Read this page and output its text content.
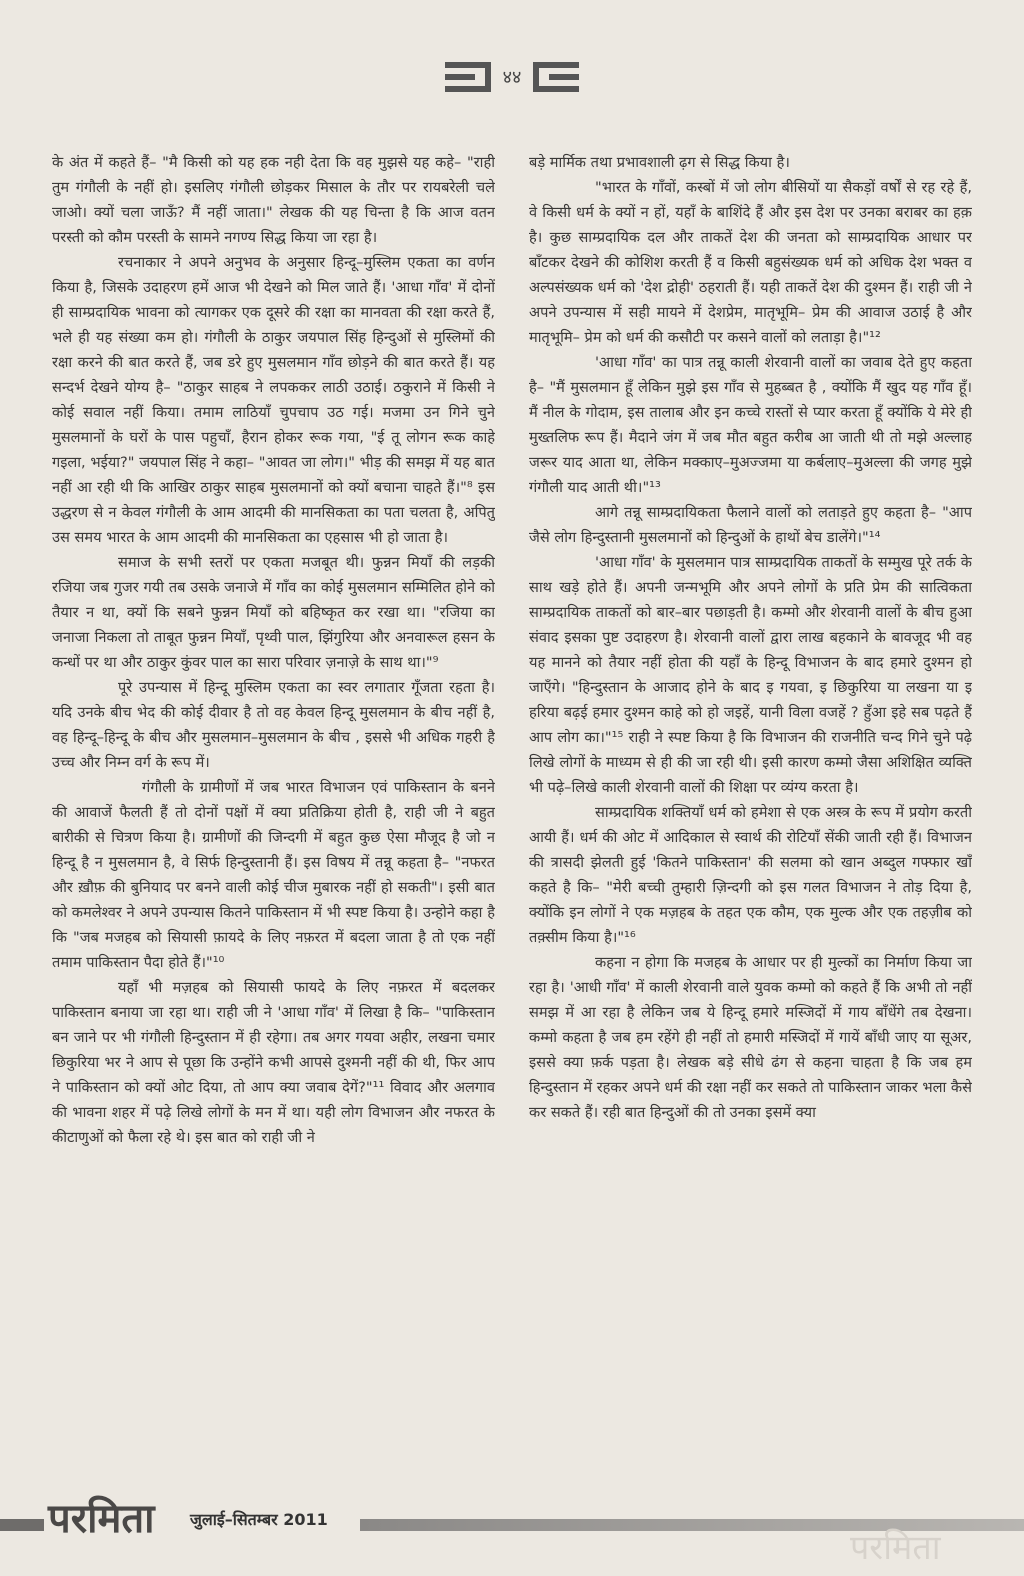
४४

के अंत में कहते हैं– "मै किसी को यह हक नही देता कि वह मुझसे यह कहे– "राही तुम गंगौली के नहीं हो। इसलिए गंगौली छोड़कर मिसाल के तौर पर रायबरेली चले जाओ। क्यों चला जाऊँ? मैं नहीं जाता।" लेखक की यह चिन्ता है कि आज वतन परस्ती को कौम परस्ती के सामने नगण्य सिद्ध किया जा रहा है।

रचनाकार ने अपने अनुभव के अनुसार हिन्दू–मुस्लिम एकता का वर्णन किया है, जिसके उदाहरण हमें आज भी देखने को मिल जाते हैं। 'आधा गाँव' में दोनों ही साम्प्रदायिक भावना को त्यागकर एक दूसरे की रक्षा का मानवता की रक्षा करते हैं, भले ही यह संख्या कम हो। गंगौली के ठाकुर जयपाल सिंह हिन्दुओं से मुस्लिमों की रक्षा करने की बात करते हैं, जब डरे हुए मुसलमान गाँव छोड़ने की बात करते हैं। यह सन्दर्भ देखने योग्य है– "ठाकुर साहब ने लपककर लाठी उठाई। ठकुराने में किसी ने कोई सवाल नहीं किया। तमाम लाठियाँ चुपचाप उठ गई। मजमा उन गिने चुने मुसलमानों के घरों के पास पहुचाँ, हैरान होकर रूक गया, "ई तू लोगन रूक काहे गइला, भईया?" जयपाल सिंह ने कहा– "आवत जा लोग।" भीड़ की समझ में यह बात नहीं आ रही थी कि आखिर ठाकुर साहब मुसलमानों को क्यों बचाना चाहते हैं।"⁸ इस उद्धरण से न केवल गंगौली के आम आदमी की मानसिकता का पता चलता है, अपितु उस समय भारत के आम आदमी की मानसिकता का एहसास भी हो जाता है।

समाज के सभी स्तरों पर एकता मजबूत थी। फुन्नन मियाँ की लड़की रजिया जब गुजर गयी तब उसके जनाजे में गाँव का कोई मुसलमान सम्मिलित होने को तैयार न था, क्यों कि सबने फुन्नन मियाँ को बहिष्कृत कर रखा था। "रजिया का जनाजा निकला तो ताबूत फुन्नन मियाँ, पृथ्वी पाल, झिंगुरिया और अनवारूल हसन के कन्धों पर था और ठाकुर कुंवर पाल का सारा परिवार ज़नाज़े के साथ था।"⁹

पूरे उपन्यास में हिन्दू मुस्लिम एकता का स्वर लगातार गूँजता रहता है। यदि उनके बीच भेद की कोई दीवार है तो वह केवल हिन्दू मुसलमान के बीच नहीं है, वह हिन्दू–हिन्दू के बीच और मुसलमान–मुसलमान के बीच , इससे भी अधिक गहरी है उच्च और निम्न वर्ग के रूप में।

गंगौली के ग्रामीणों में जब भारत विभाजन एवं पाकिस्तान के बनने की आवाजें फैलती हैं तो दोनों पक्षों में क्या प्रतिक्रिया होती है, राही जी ने बहुत बारीकी से चित्रण किया है। ग्रामीणों की जिन्दगी में बहुत कुछ ऐसा मौजूद है जो न हिन्दू है न मुसलमान है, वे सिर्फ हिन्दुस्तानी हैं। इस विषय में तन्नू कहता है– "नफरत और ख़ौफ़ की बुनियाद पर बनने वाली कोई चीज मुबारक नहीं हो सकती"। इसी बात को कमलेश्वर ने अपने उपन्यास कितने पाकिस्तान में भी स्पष्ट किया है। उन्होने कहा है कि "जब मजहब को सियासी फ़ायदे के लिए नफ़रत में बदला जाता है तो एक नहीं तमाम पाकिस्तान पैदा होते हैं।"¹⁰

यहाँ भी मज़हब को सियासी फायदे के लिए नफ़रत में बदलकर पाकिस्तान बनाया जा रहा था। राही जी ने 'आधा गाँव' में लिखा है कि– "पाकिस्तान बन जाने पर भी गंगौली हिन्दुस्तान में ही रहेगा। तब अगर गयवा अहीर, लखना चमार छिकुरिया भर ने आप से पूछा कि उन्होंने कभी आपसे दुश्मनी नहीं की थी, फिर आप ने पाकिस्तान को क्यों ओट दिया, तो आप क्या जवाब देगें?"¹¹ विवाद और अलगाव की भावना शहर में पढ़े लिखे लोगों के मन में था। यही लोग विभाजन और नफरत के कीटाणुओं को फैला रहे थे। इस बात को राही जी ने

बड़े मार्मिक तथा प्रभावशाली ढ़ग से सिद्ध किया है।

"भारत के गाँवों, कस्बों में जो लोग बीसियों या सैकड़ों वर्षों से रह रहे हैं, वे किसी धर्म के क्यों न हों, यहाँ के बाशिंदे हैं और इस देश पर उनका बराबर का हक़ है। कुछ साम्प्रदायिक दल और ताकतें देश की जनता को साम्प्रदायिक आधार पर बाँटकर देखने की कोशिश करती हैं व किसी बहुसंख्यक धर्म को अधिक देश भक्त व अल्पसंख्यक धर्म को 'देश द्रोही' ठहराती हैं। यही ताकतें देश की दुश्मन हैं। राही जी ने अपने उपन्यास में सही मायने में देशप्रेम, मातृभूमि– प्रेम की आवाज उठाई है और मातृभूमि– प्रेम को धर्म की कसौटी पर कसने वालों को लताड़ा है।"¹²

'आधा गाँव' का पात्र तन्नू काली शेरवानी वालों का जवाब देते हुए कहता है– "मैं मुसलमान हूँ लेकिन मुझे इस गाँव से मुहब्बत है , क्योंकि मैं खुद यह गाँव हूँ। मैं नील के गोदाम, इस तालाब और इन कच्चे रास्तों से प्यार करता हूँ क्योंकि ये मेरे ही मुख्तलिफ रूप हैं। मैदाने जंग में जब मौत बहुत करीब आ जाती थी तो मझे अल्लाह जरूर याद आता था, लेकिन मक्काए–मुअज्जमा या कर्बलाए–मुअल्ला की जगह मुझे गंगौली याद आती थी।"¹³

आगे तन्नू साम्प्रदायिकता फैलाने वालों को लताड़ते हुए कहता है– "आप जैसे लोग हिन्दुस्तानी मुसलमानों को हिन्दुओं के हाथों बेच डालेंगे।"¹⁴

'आधा गाँव' के मुसलमान पात्र साम्प्रदायिक ताकतों के सम्मुख पूरे तर्क के साथ खड़े होते हैं। अपनी जन्मभूमि और अपने लोगों के प्रति प्रेम की सात्विकता साम्प्रदायिक ताकतों को बार–बार पछाड़ती है। कम्मो और शेरवानी वालों के बीच हुआ संवाद इसका पुष्ट उदाहरण है। शेरवानी वालों द्वारा लाख बहकाने के बावजूद भी वह यह मानने को तैयार नहीं होता की यहाँ के हिन्दू विभाजन के बाद हमारे दुश्मन हो जाएँगे। "हिन्दुस्तान के आजाद होने के बाद इ गयवा, इ छिकुरिया या लखना या इ हरिया बढ़ई हमार दुश्मन काहे को हो जइहें, यानी विला वजहें ? हुँआ इहे सब पढ़ते हैं आप लोग का।"¹⁵ राही ने स्पष्ट किया है कि विभाजन की राजनीति चन्द गिने चुने पढ़े लिखे लोगों के माध्यम से ही की जा रही थी। इसी कारण कम्मो जैसा अशिक्षित व्यक्ति भी पढ़े–लिखे काली शेरवानी वालों की शिक्षा पर व्यंग्य करता है।

साम्प्रदायिक शक्तियाँ धर्म को हमेशा से एक अस्त्र के रूप में प्रयोग करती आयी हैं। धर्म की ओट में आदिकाल से स्वार्थ की रोटियाँ सेंकी जाती रही हैं। विभाजन की त्रासदी झेलती हुई 'कितने पाकिस्तान' की सलमा को खान अब्दुल गफ्फार खाँ कहते है कि– "मेरी बच्ची तुम्हारी ज़िन्दगी को इस गलत विभाजन ने तोड़ दिया है, क्योंकि इन लोगों ने एक मज़हब के तहत एक कौम, एक मुल्क और एक तहज़ीब को तक़्सीम किया है।"¹⁶

कहना न होगा कि मजहब के आधार पर ही मुल्कों का निर्माण किया जा रहा है। 'आधी गाँव' में काली शेरवानी वाले युवक कम्मो को कहते हैं कि अभी तो नहीं समझ में आ रहा है लेकिन जब ये हिन्दू हमारे मस्जिदों में गाय बाँधेंगे तब देखना। कम्मो कहता है जब हम रहेंगे ही नहीं तो हमारी मस्जिदों में गायें बाँधी जाए या सूअर, इससे क्या फ़र्क पड़ता है। लेखक बड़े सीधे ढंग से कहना चाहता है कि जब हम हिन्दुस्तान में रहकर अपने धर्म की रक्षा नहीं कर सकते तो पाकिस्तान जाकर भला कैसे कर सकते हैं। रही बात हिन्दुओं की तो उनका इसमें क्या

परमिता जुलाई–सितम्बर 2011
परमिता
